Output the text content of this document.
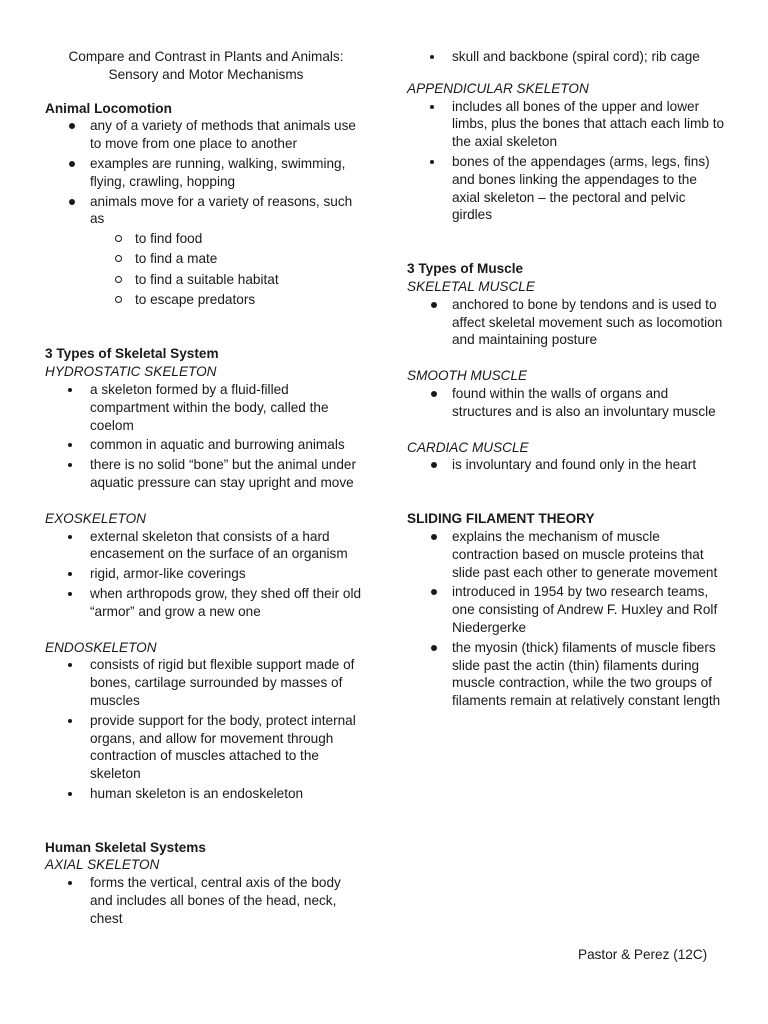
Compare and Contrast in Plants and Animals:
Sensory and Motor Mechanisms
Animal Locomotion
any of a variety of methods that animals use to move from one place to another
examples are running, walking, swimming, flying, crawling, hopping
animals move for a variety of reasons, such as
to find food
to find a mate
to find a suitable habitat
to escape predators
3 Types of Skeletal System
HYDROSTATIC SKELETON
a skeleton formed by a fluid-filled compartment within the body, called the coelom
common in aquatic and burrowing animals
there is no solid “bone” but the animal under aquatic pressure can stay upright and move
EXOSKELETON
external skeleton that consists of a hard encasement on the surface of an organism
rigid, armor-like coverings
when arthropods grow, they shed off their old “armor” and grow a new one
ENDOSKELETON
consists of rigid but flexible support made of bones, cartilage surrounded by masses of muscles
provide support for the body, protect internal organs, and allow for movement through contraction of muscles attached to the skeleton
human skeleton is an endoskeleton
Human Skeletal Systems
AXIAL SKELETON
forms the vertical, central axis of the body and includes all bones of the head, neck, chest
skull and backbone (spiral cord); rib cage
APPENDICULAR SKELETON
includes all bones of the upper and lower limbs, plus the bones that attach each limb to the axial skeleton
bones of the appendages (arms, legs, fins) and bones linking the appendages to the axial skeleton – the pectoral and pelvic girdles
3 Types of Muscle
SKELETAL MUSCLE
anchored to bone by tendons and is used to affect skeletal movement such as locomotion and maintaining posture
SMOOTH MUSCLE
found within the walls of organs and structures and is also an involuntary muscle
CARDIAC MUSCLE
is involuntary and found only in the heart
SLIDING FILAMENT THEORY
explains the mechanism of muscle contraction based on muscle proteins that slide past each other to generate movement
introduced in 1954 by two research teams, one consisting of Andrew F. Huxley and Rolf Niedergerke
the myosin (thick) filaments of muscle fibers slide past the actin (thin) filaments during muscle contraction, while the two groups of filaments remain at relatively constant length
Pastor & Perez (12C)
